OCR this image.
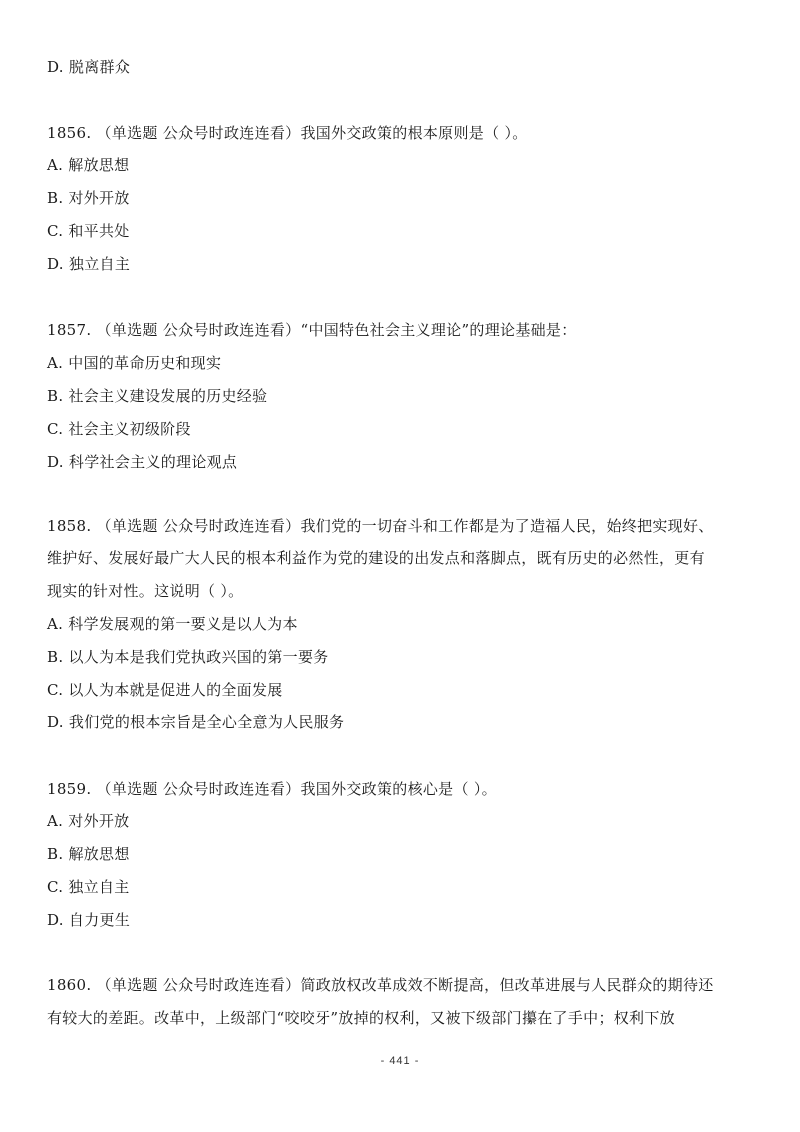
D. 脱离群众
1856. （单选题 公众号时政连连看）我国外交政策的根本原则是（ ）。
A. 解放思想
B. 对外开放
C. 和平共处
D. 独立自主
1857. （单选题 公众号时政连连看）“中国特色社会主义理论”的理论基础是：
A. 中国的革命历史和现实
B. 社会主义建设发展的历史经验
C. 社会主义初级阶段
D. 科学社会主义的理论观点
1858. （单选题 公众号时政连连看）我们党的一切奋斗和工作都是为了造福人民，始终把实现好、
维护好、发展好最广大人民的根本利益作为党的建设的出发点和落脚点，既有历史的必然性，更有
现实的针对性。这说明（ ）。
A. 科学发展观的第一要义是以人为本
B. 以人为本是我们党执政兴国的第一要务
C. 以人为本就是促进人的全面发展
D. 我们党的根本宗旨是全心全意为人民服务
1859. （单选题 公众号时政连连看）我国外交政策的核心是（ ）。
A. 对外开放
B. 解放思想
C. 独立自主
D. 自力更生
1860. （单选题 公众号时政连连看）简政放权改革成效不断提高，但改革进展与人民群众的期待还
有较大的差距。改革中，上级部门“咬咬牙”放掉的权利，又被下级部门攥在了手中；权利下放
- 441 -
